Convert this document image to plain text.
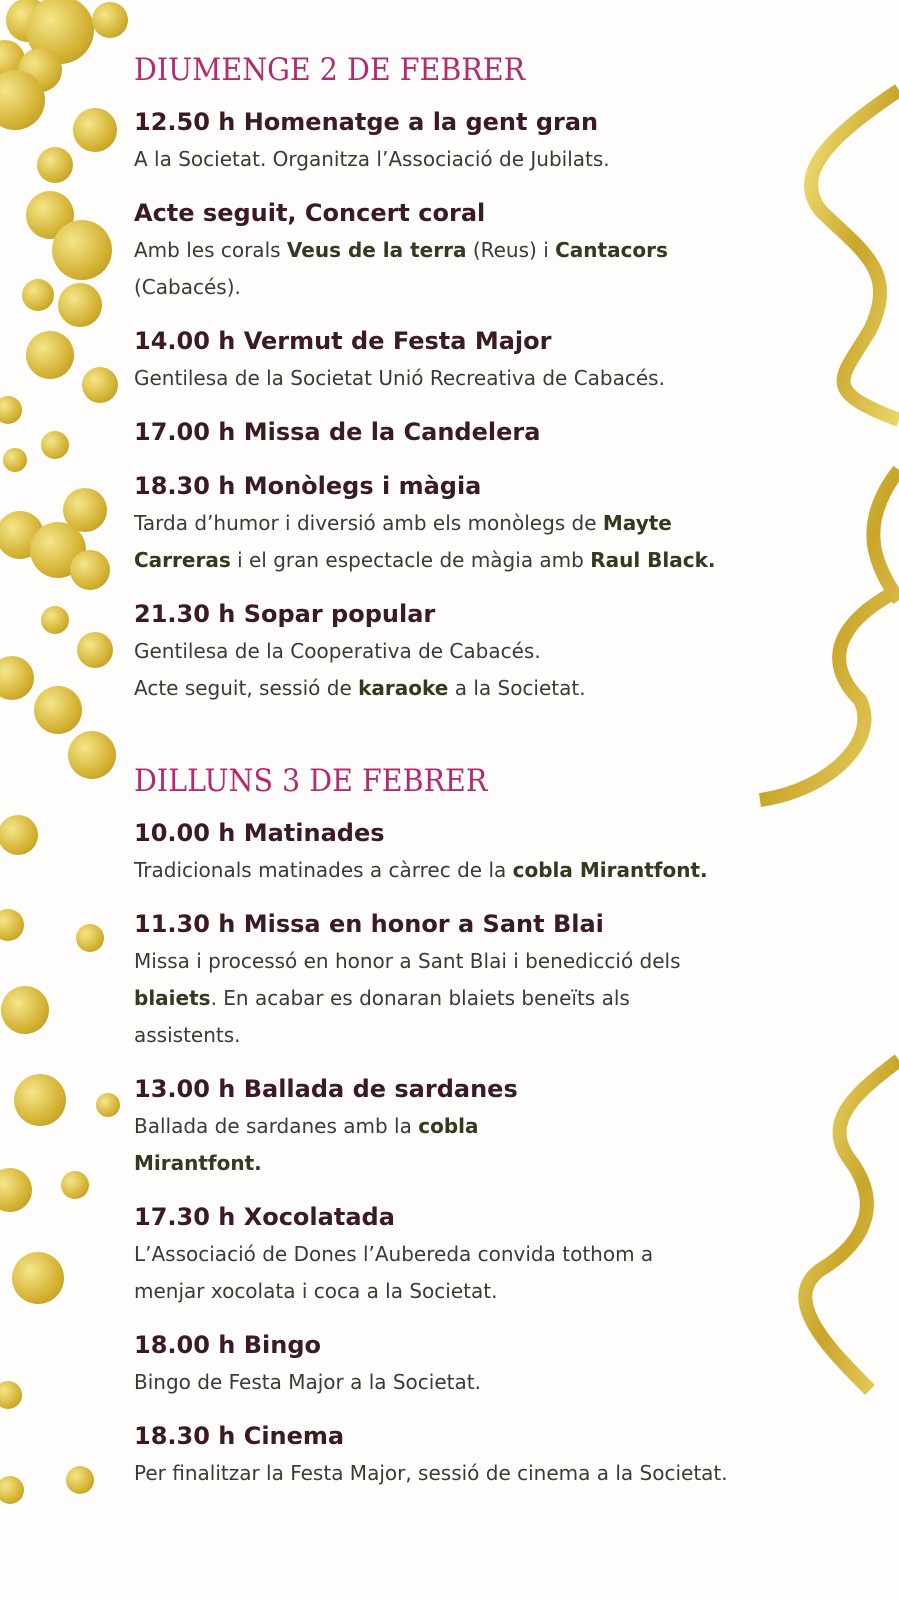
DIUMENGE 2 DE FEBRER
12.50 h Homenatge a la gent gran
A la Societat. Organitza l’Associació de Jubilats.
Acte seguit, Concert coral
Amb les corals Veus de la terra (Reus) i Cantacors
(Cabacés).
14.00 h Vermut de Festa Major
Gentilesa de la Societat Unió Recreativa de Cabacés.
17.00 h Missa de la Candelera
18.30 h Monòlegs i màgia
Tarda d’humor i diversió amb els monòlegs de Mayte
Carreras i el gran espectacle de màgia amb Raul Black.
21.30 h Sopar popular
Gentilesa de la Cooperativa de Cabacés.
Acte seguit, sessió de karaoke a la Societat.
DILLUNS 3 DE FEBRER
10.00 h Matinades
Tradicionals matinades a càrrec de la cobla Mirantfont.
11.30 h Missa en honor a Sant Blai
Missa i processó en honor a Sant Blai i benedicció dels
blaiets. En acabar es donaran blaiets beneïts als
assistents.
13.00 h Ballada de sardanes
Ballada de sardanes amb la cobla
Mirantfont.
17.30 h Xocolatada
L’Associació de Dones l’Aubereda convida tothom a
menjar xocolata i coca a la Societat.
18.00 h Bingo
Bingo de Festa Major a la Societat.
18.30 h Cinema
Per finalitzar la Festa Major, sessió de cinema a la Societat.
